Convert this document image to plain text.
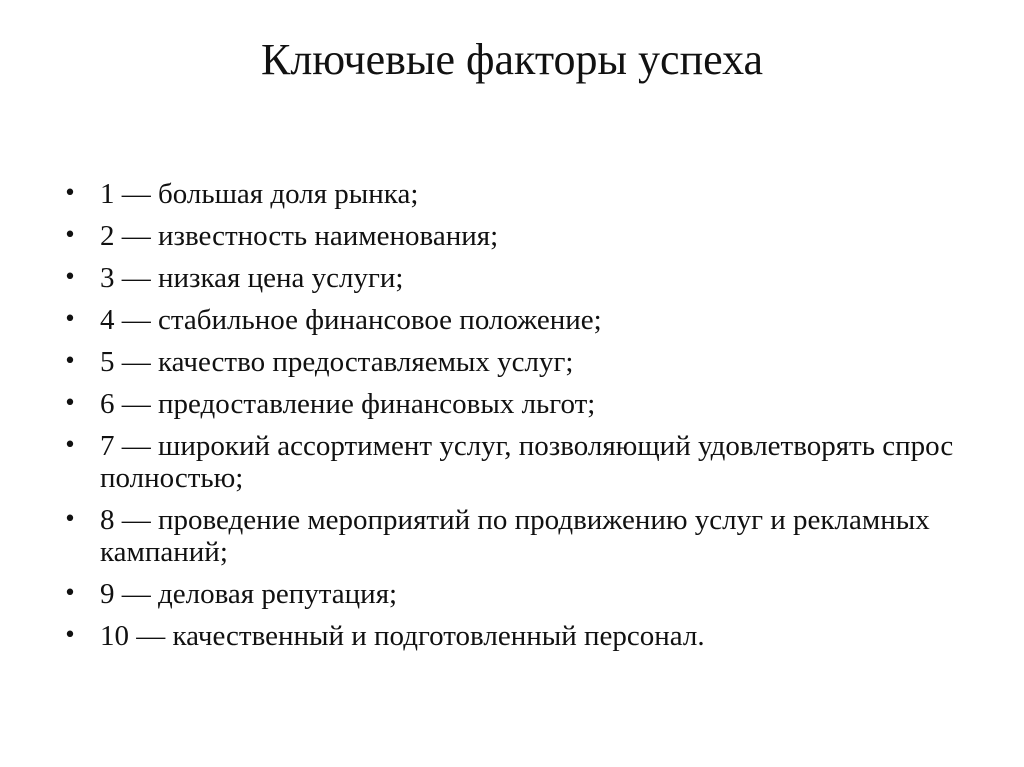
Ключевые факторы успеха
• 1 — большая доля рынка;
• 2 — известность наименования;
• 3 — низкая цена услуги;
• 4 — стабильное финансовое положение;
• 5 — качество предоставляемых услуг;
• 6 — предоставление финансовых льгот;
• 7 — широкий ассортимент услуг, позволяющий удовлетворять спрос полностью;
• 8 — проведение мероприятий по продвижению услуг и рекламных кампаний;
• 9 — деловая репутация;
• 10 — качественный и подготовленный персонал.
